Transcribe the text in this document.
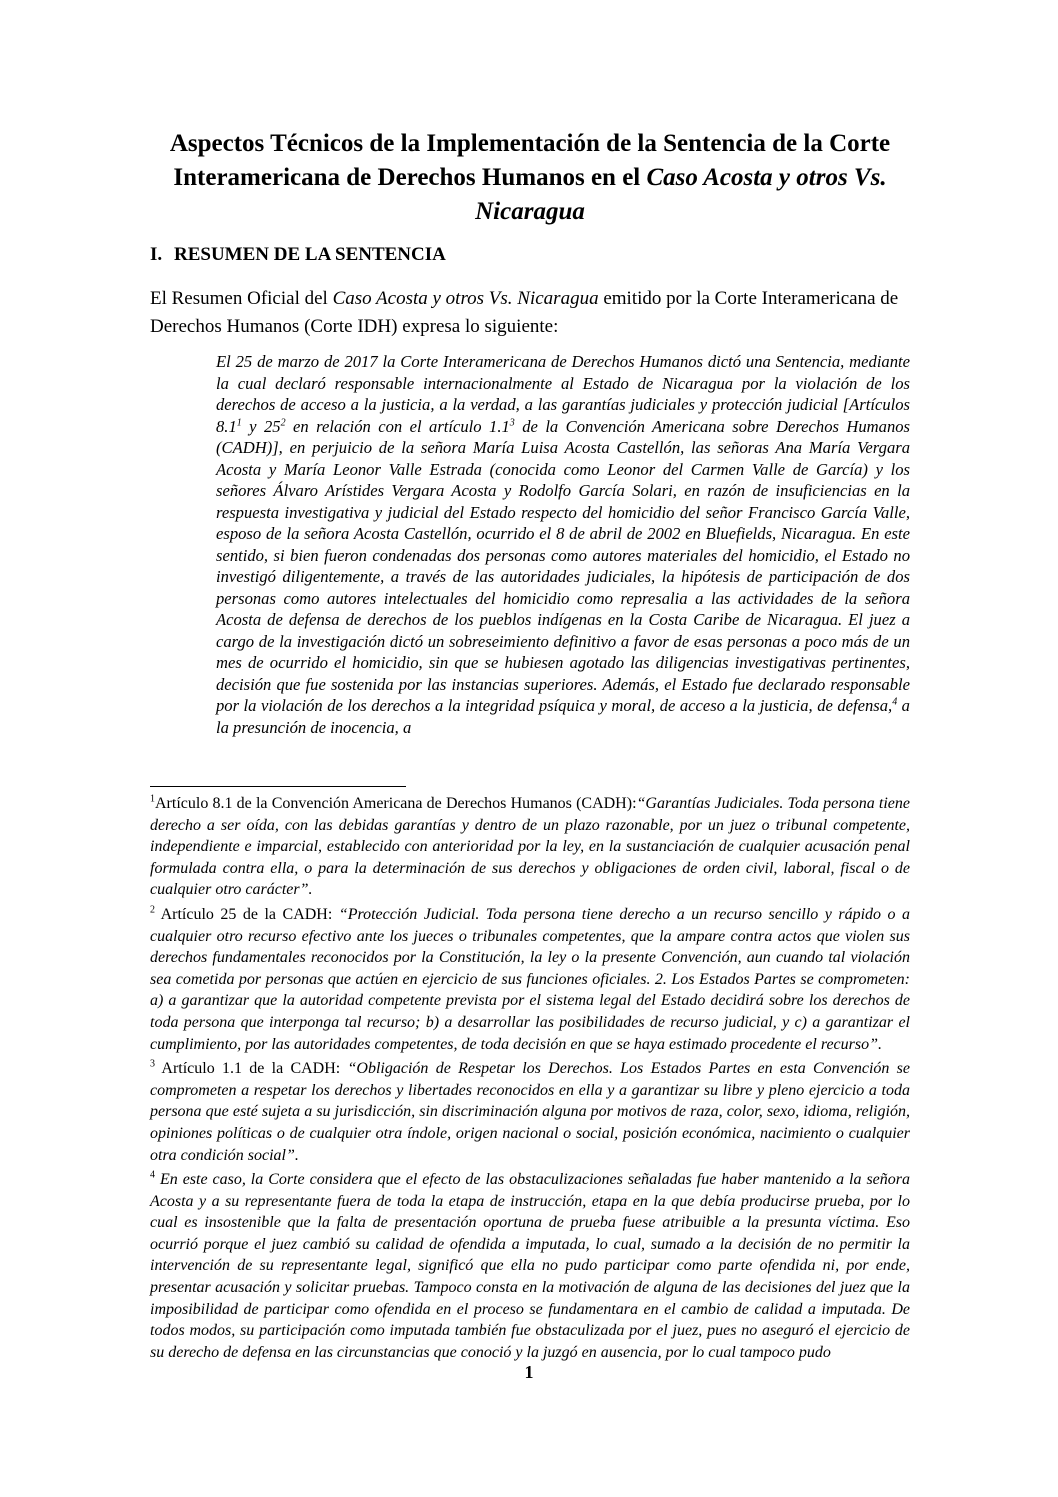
Aspectos Técnicos de la Implementación de la Sentencia de la Corte Interamericana de Derechos Humanos en el Caso Acosta y otros Vs. Nicaragua
I. RESUMEN DE LA SENTENCIA
El Resumen Oficial del Caso Acosta y otros Vs. Nicaragua emitido por la Corte Interamericana de Derechos Humanos (Corte IDH) expresa lo siguiente:
El 25 de marzo de 2017 la Corte Interamericana de Derechos Humanos dictó una Sentencia, mediante la cual declaró responsable internacionalmente al Estado de Nicaragua por la violación de los derechos de acceso a la justicia, a la verdad, a las garantías judiciales y protección judicial [Artículos $8.1^1$ y $25^2$ en relación con el artículo $1.1^3$ de la Convención Americana sobre Derechos Humanos (CADH)], en perjuicio de la señora María Luisa Acosta Castellón, las señoras Ana María Vergara Acosta y María Leonor Valle Estrada (conocida como Leonor del Carmen Valle de García) y los señores Álvaro Arístides Vergara Acosta y Rodolfo García Solari, en razón de insuficiencias en la respuesta investigativa y judicial del Estado respecto del homicidio del señor Francisco García Valle, esposo de la señora Acosta Castellón, ocurrido el 8 de abril de 2002 en Bluefields, Nicaragua. En este sentido, si bien fueron condenadas dos personas como autores materiales del homicidio, el Estado no investigó diligentemente, a través de las autoridades judiciales, la hipótesis de participación de dos personas como autores intelectuales del homicidio como represalia a las actividades de la señora Acosta de defensa de derechos de los pueblos indígenas en la Costa Caribe de Nicaragua. El juez a cargo de la investigación dictó un sobreseimiento definitivo a favor de esas personas a poco más de un mes de ocurrido el homicidio, sin que se hubiesen agotado las diligencias investigativas pertinentes, decisión que fue sostenida por las instancias superiores. Además, el Estado fue declarado responsable por la violación de los derechos a la integridad psíquica y moral, de acceso a la justicia, de defensa,$^4$ a la presunción de inocencia, a
$^1$Artículo 8.1 de la Convención Americana de Derechos Humanos (CADH):“Garantías Judiciales. Toda persona tiene derecho a ser oída, con las debidas garantías y dentro de un plazo razonable, por un juez o tribunal competente, independiente e imparcial, establecido con anterioridad por la ley, en la sustanciación de cualquier acusación penal formulada contra ella, o para la determinación de sus derechos y obligaciones de orden civil, laboral, fiscal o de cualquier otro carácter”.
$^2$ Artículo 25 de la CADH: “Protección Judicial. Toda persona tiene derecho a un recurso sencillo y rápido o a cualquier otro recurso efectivo ante los jueces o tribunales competentes, que la ampare contra actos que violen sus derechos fundamentales reconocidos por la Constitución, la ley o la presente Convención, aun cuando tal violación sea cometida por personas que actúen en ejercicio de sus funciones oficiales. 2. Los Estados Partes se comprometen: a) a garantizar que la autoridad competente prevista por el sistema legal del Estado decidirá sobre los derechos de toda persona que interponga tal recurso; b) a desarrollar las posibilidades de recurso judicial, y c) a garantizar el cumplimiento, por las autoridades competentes, de toda decisión en que se haya estimado procedente el recurso”.
$^3$ Artículo 1.1 de la CADH: “Obligación de Respetar los Derechos. Los Estados Partes en esta Convención se comprometen a respetar los derechos y libertades reconocidos en ella y a garantizar su libre y pleno ejercicio a toda persona que esté sujeta a su jurisdicción, sin discriminación alguna por motivos de raza, color, sexo, idioma, religión, opiniones políticas o de cualquier otra índole, origen nacional o social, posición económica, nacimiento o cualquier otra condición social”.
$^4$ En este caso, la Corte considera que el efecto de las obstaculizaciones señaladas fue haber mantenido a la señora Acosta y a su representante fuera de toda la etapa de instrucción, etapa en la que debía producirse prueba, por lo cual es insostenible que la falta de presentación oportuna de prueba fuese atribuible a la presunta víctima. Eso ocurrió porque el juez cambió su calidad de ofendida a imputada, lo cual, sumado a la decisión de no permitir la intervención de su representante legal, significó que ella no pudo participar como parte ofendida ni, por ende, presentar acusación y solicitar pruebas. Tampoco consta en la motivación de alguna de las decisiones del juez que la imposibilidad de participar como ofendida en el proceso se fundamentara en el cambio de calidad a imputada. De todos modos, su participación como imputada también fue obstaculizada por el juez, pues no aseguró el ejercicio de su derecho de defensa en las circunstancias que conoció y la juzgó en ausencia, por lo cual tampoco pudo
1
